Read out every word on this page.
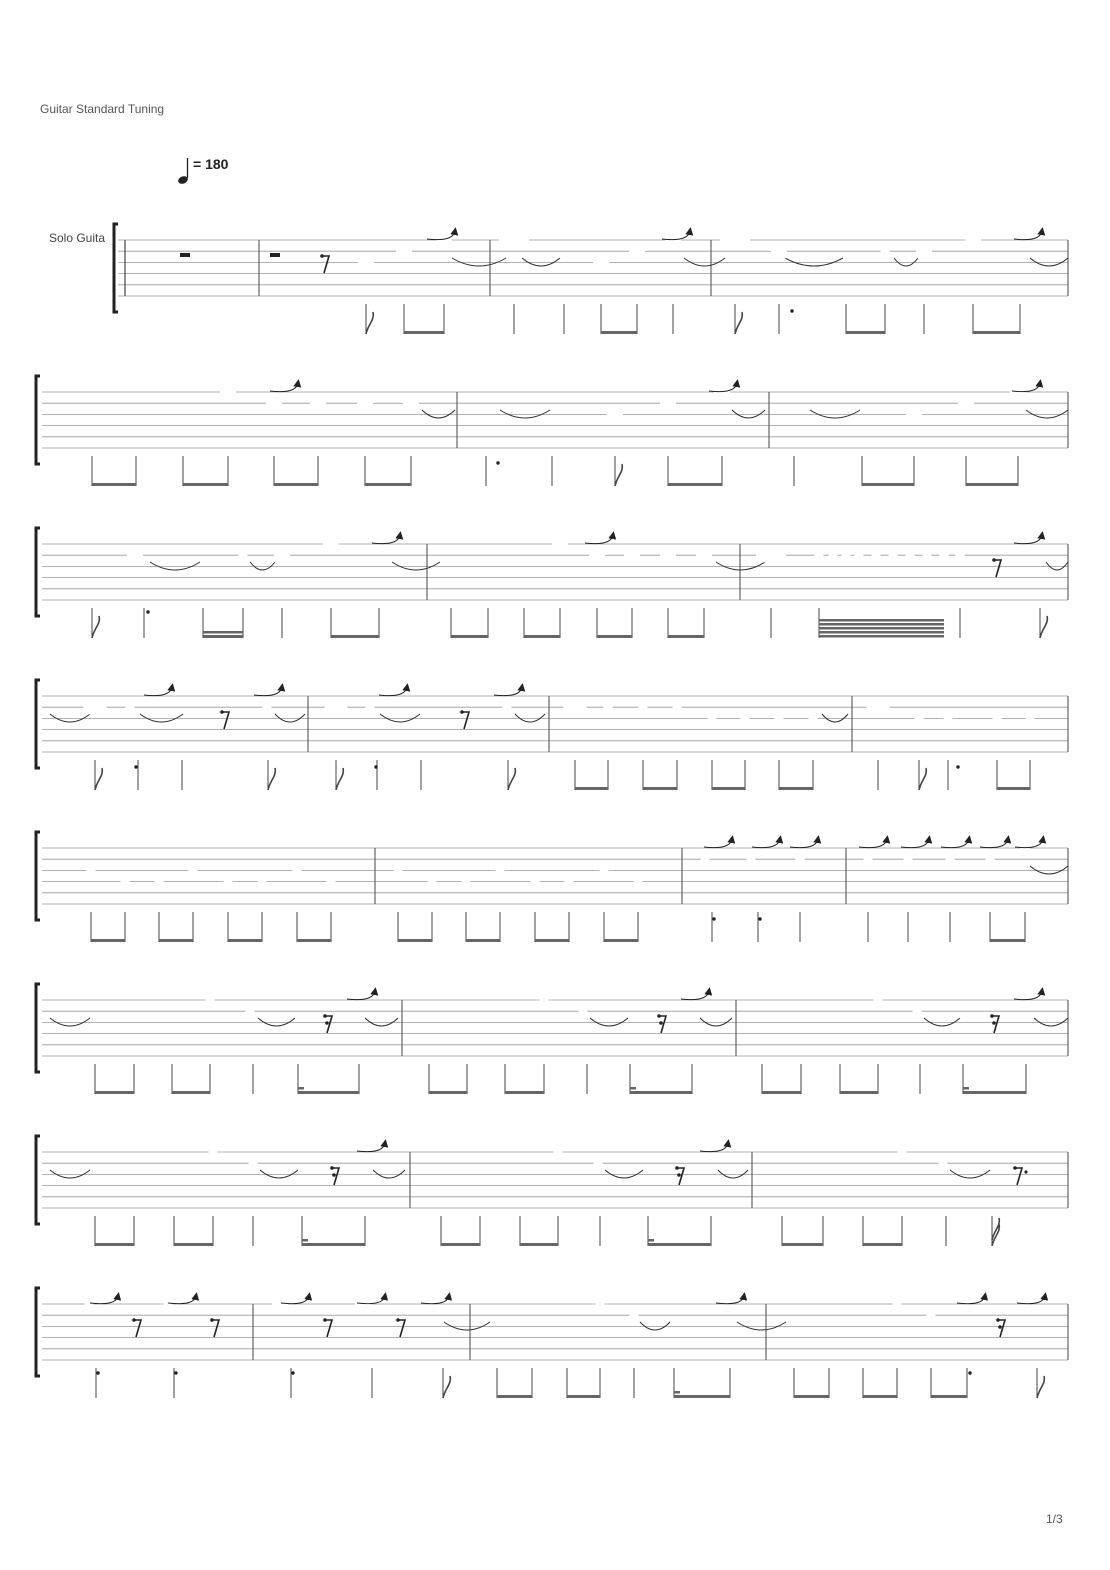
Guitar Standard Tuning
= 180
Solo Guita
1/3
